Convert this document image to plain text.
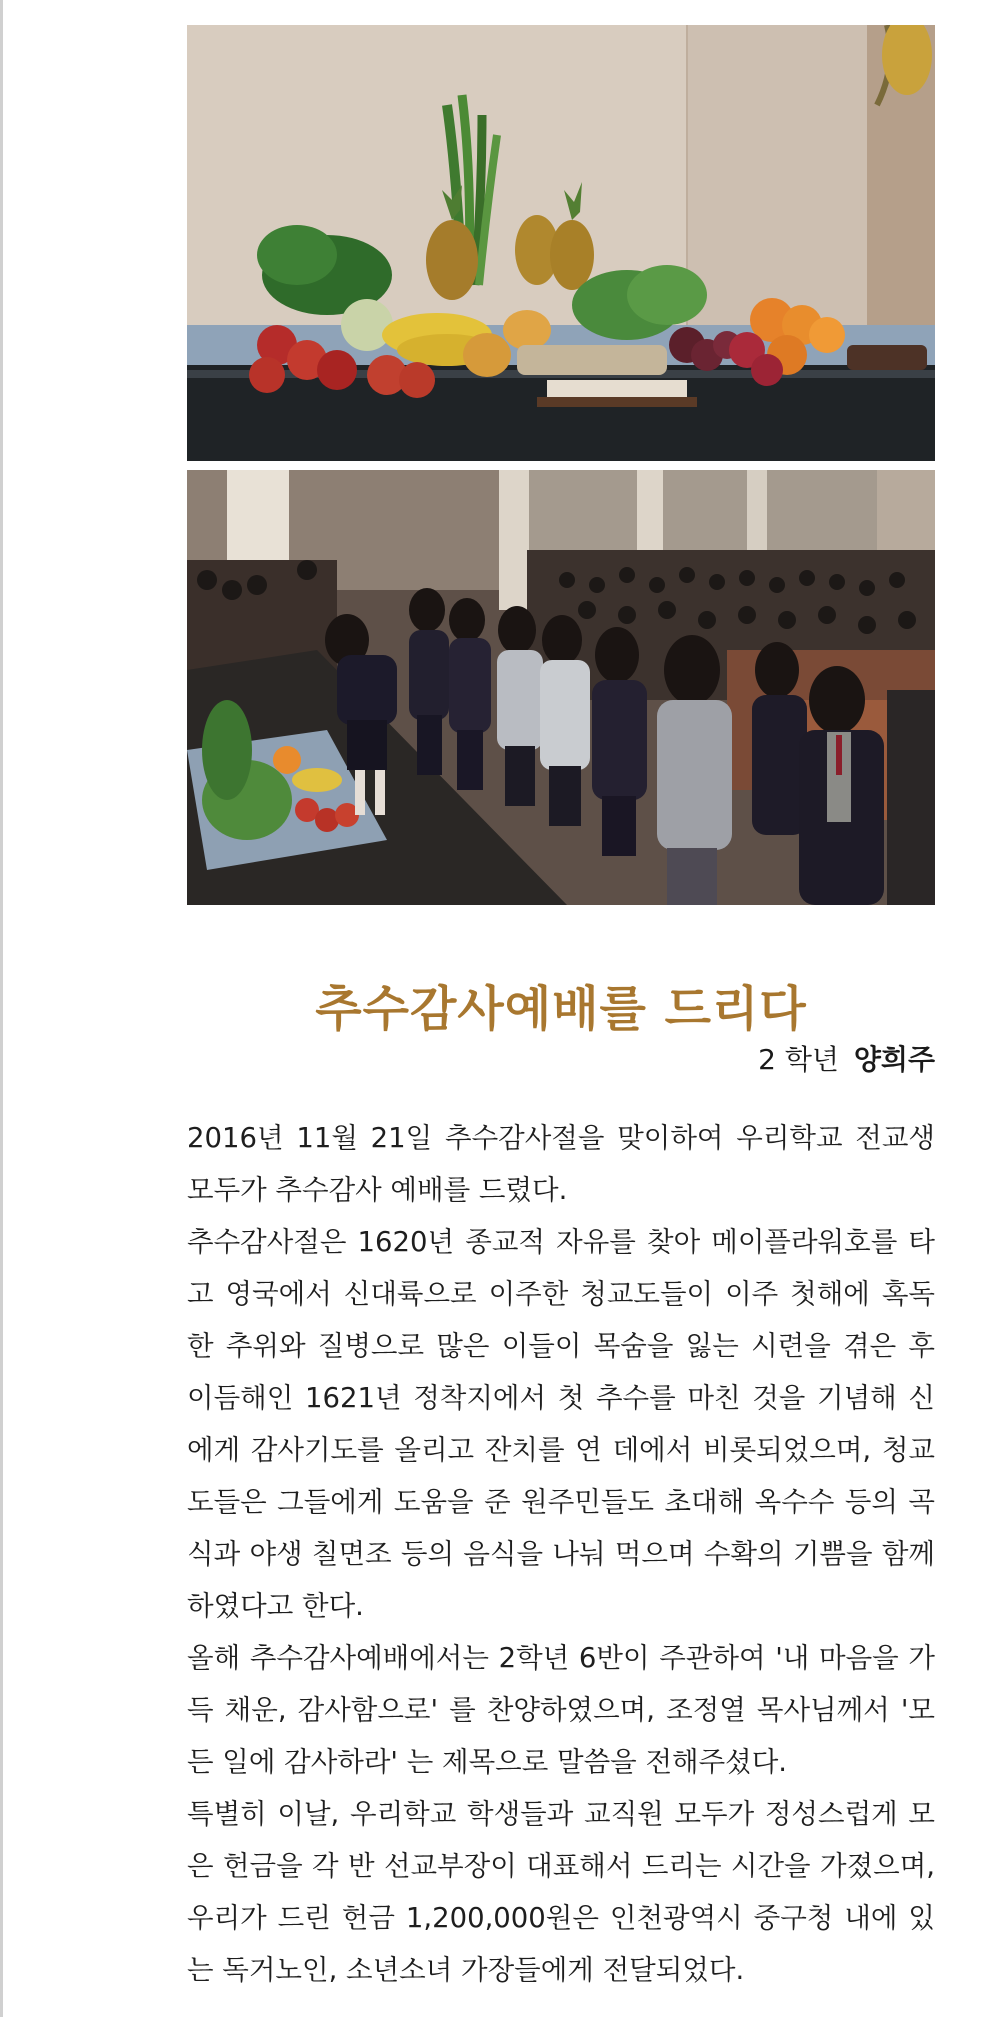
추수감사예배를 드리다
2 학년 양희주

2016년 11월 21일 추수감사절을 맞이하여 우리학교 전교생 모두가 추수감사 예배를 드렸다.

추수감사절은 1620년 종교적 자유를 찾아 메이플라워호를 타고 영국에서 신대륙으로 이주한 청교도들이 이주 첫해에 혹독한 추위와 질병으로 많은 이들이 목숨을 잃는 시련을 겪은 후 이듬해인 1621년 정착지에서 첫 추수를 마친 것을 기념해 신에게 감사기도를 올리고 잔치를 연 데에서 비롯되었으며, 청교도들은 그들에게 도움을 준 원주민들도 초대해 옥수수 등의 곡식과 야생 칠면조 등의 음식을 나눠 먹으며 수확의 기쁨을 함께 하였다고 한다.

올해 추수감사예배에서는 2학년 6반이 주관하여 '내 마음을 가득 채운, 감사함으로' 를 찬양하였으며, 조정열 목사님께서 '모든 일에 감사하라' 는 제목으로 말씀을 전해주셨다.

특별히 이날, 우리학교 학생들과 교직원 모두가 정성스럽게 모은 헌금을 각 반 선교부장이 대표해서 드리는 시간을 가졌으며, 우리가 드린 헌금 1,200,000원은 인천광역시 중구청 내에 있는 독거노인, 소년소녀 가장들에게 전달되었다.
